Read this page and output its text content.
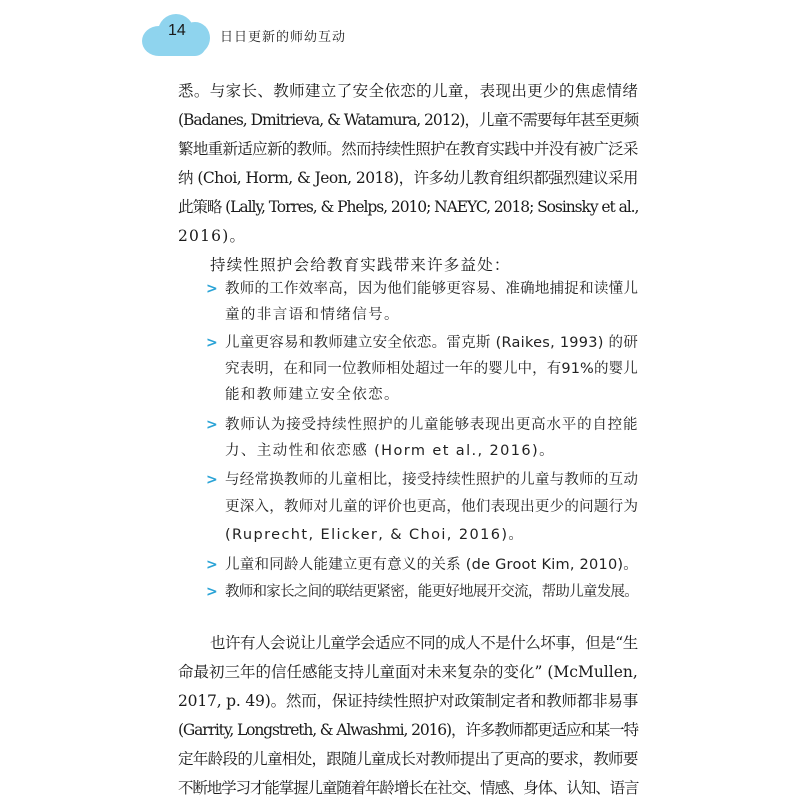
14	日日更新的师幼互动
悉。与家长、教师建立了安全依恋的儿童，表现出更少的焦虑情绪
(Badanes, Dmitrieva, & Watamura, 2012)，儿童不需要每年甚至更频
繁地重新适应新的教师。然而持续性照护在教育实践中并没有被广泛采
纳 (Choi, Horm, & Jeon, 2018)，许多幼儿教育组织都强烈建议采用
此策略 (Lally, Torres, & Phelps, 2010; NAEYC, 2018; Sosinsky et al.,
2016)。
持续性照护会给教育实践带来许多益处：
> 教师的工作效率高，因为他们能够更容易、准确地捕捉和读懂儿
童的非言语和情绪信号。
> 儿童更容易和教师建立安全依恋。雷克斯 (Raikes, 1993) 的研
究表明，在和同一位教师相处超过一年的婴儿中，有91%的婴儿
能和教师建立安全依恋。
> 教师认为接受持续性照护的儿童能够表现出更高水平的自控能
力、主动性和依恋感 (Horm et al., 2016)。
> 与经常换教师的儿童相比，接受持续性照护的儿童与教师的互动
更深入，教师对儿童的评价也更高，他们表现出更少的问题行为
(Ruprecht, Elicker, & Choi, 2016)。
> 儿童和同龄人能建立更有意义的关系 (de Groot Kim, 2010)。
> 教师和家长之间的联结更紧密，能更好地展开交流，帮助儿童发展。
也许有人会说让儿童学会适应不同的成人不是什么坏事，但是“生
命最初三年的信任感能支持儿童面对未来复杂的变化” (McMullen,
2017, p. 49)。然而，保证持续性照护对政策制定者和教师都非易事
(Garrity, Longstreth, & Alwashmi, 2016)，许多教师都更适应和某一特
定年龄段的儿童相处，跟随儿童成长对教师提出了更高的要求，教师要
不断地学习才能掌握儿童随着年龄增长在社交、情感、身体、认知、语言
